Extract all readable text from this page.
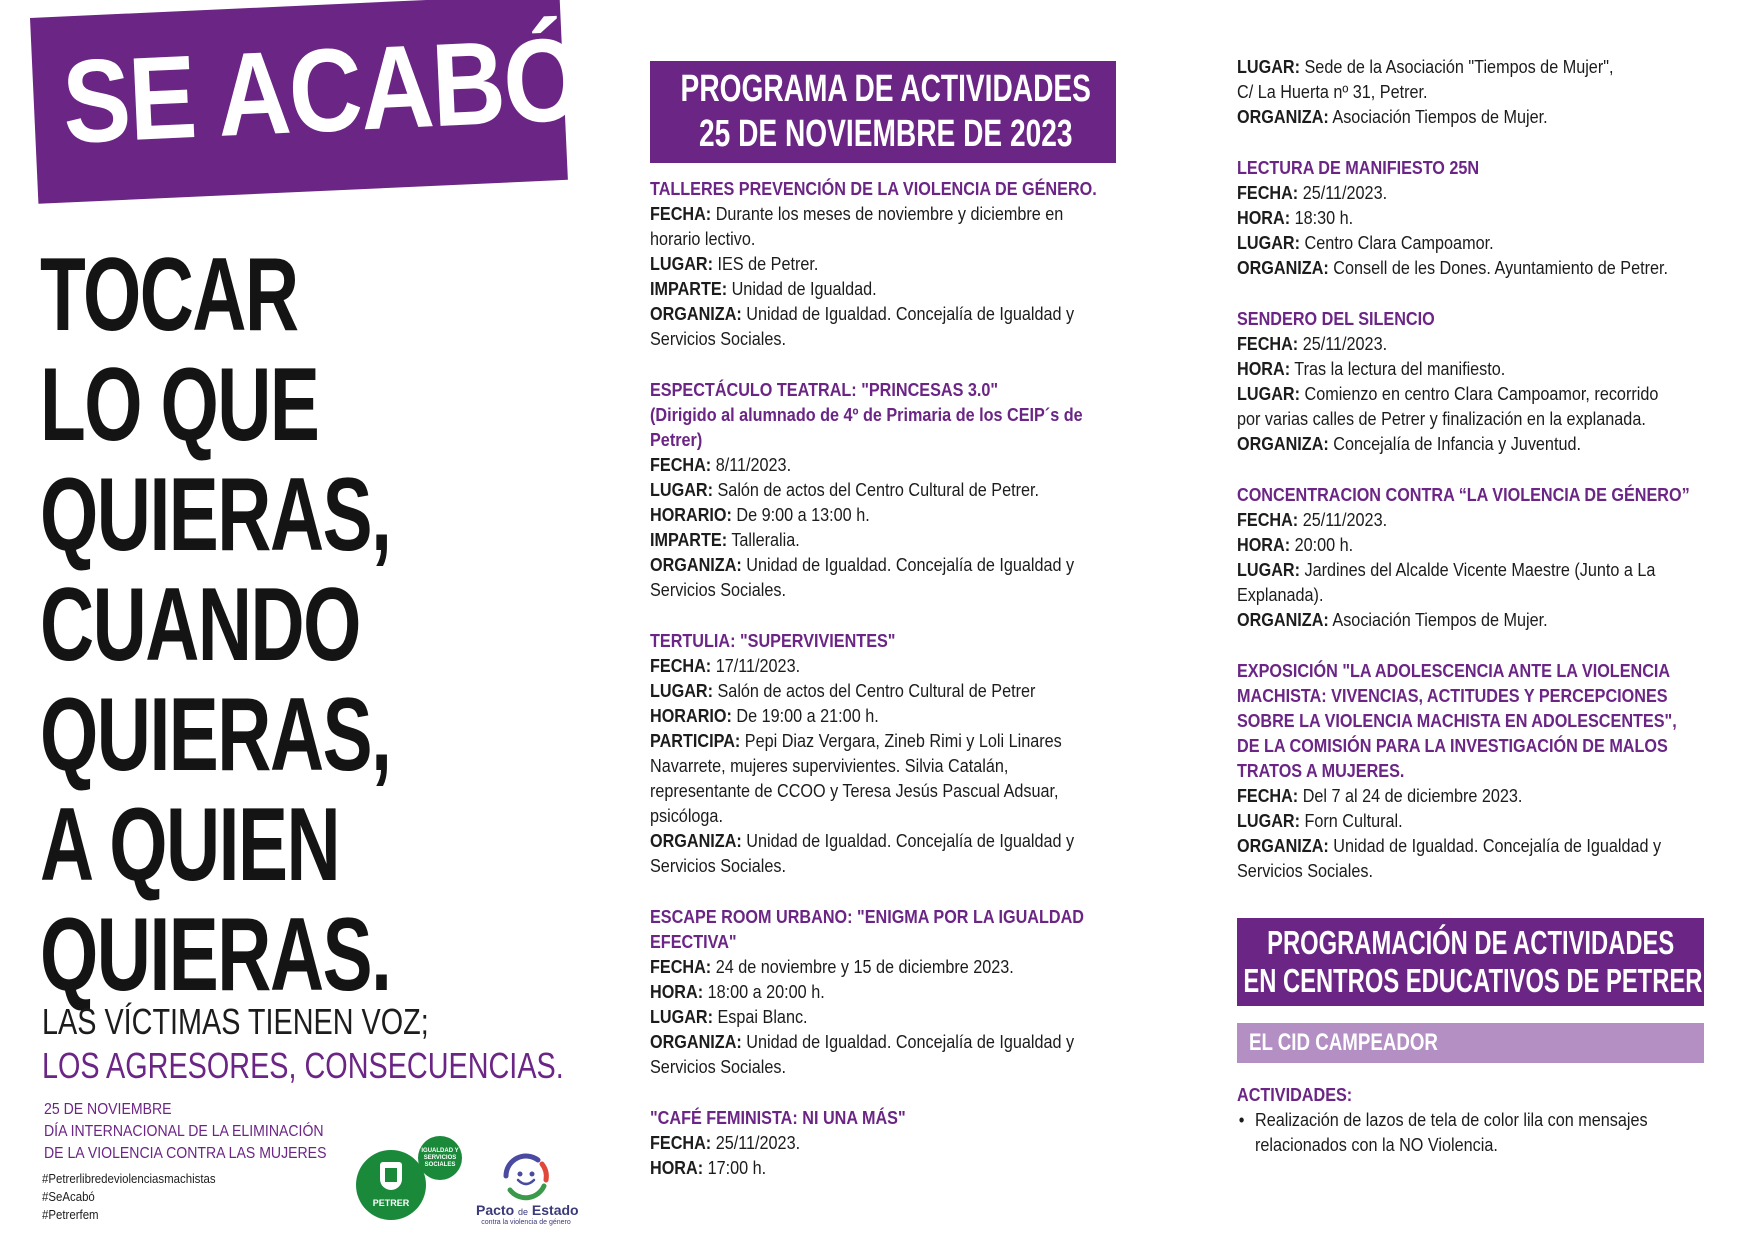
SE ACABÓ
TOCAR
LO QUE
QUIERAS,
CUANDO
QUIERAS,
A QUIEN
QUIERAS.
LAS VÍCTIMAS TIENEN VOZ;
LOS AGRESORES, CONSECUENCIAS.
25 DE NOVIEMBRE
DÍA INTERNACIONAL DE LA ELIMINACIÓN
DE LA VIOLENCIA CONTRA LAS MUJERES
#Petrerlibredeviolenciasmachistas
#SeAcabó
#Petrerfem
PETRER
IGUALDAD Y SERVICIOS SOCIALES
Pacto de Estado
contra la violencia de género
PROGRAMA DE ACTIVIDADES
25 DE NOVIEMBRE DE 2023
TALLERES PREVENCIÓN DE LA VIOLENCIA DE GÉNERO.
FECHA: Durante los meses de noviembre y diciembre en
horario lectivo.
LUGAR: IES de Petrer.
IMPARTE: Unidad de Igualdad.
ORGANIZA: Unidad de Igualdad. Concejalía de Igualdad y
Servicios Sociales.
ESPECTÁCULO TEATRAL: "PRINCESAS 3.0"
(Dirigido al alumnado de 4º de Primaria de los CEIP´s de
Petrer)
FECHA: 8/11/2023.
LUGAR: Salón de actos del Centro Cultural de Petrer.
HORARIO: De 9:00 a 13:00 h.
IMPARTE: Talleralia.
ORGANIZA: Unidad de Igualdad. Concejalía de Igualdad y
Servicios Sociales.
TERTULIA: "SUPERVIVIENTES"
FECHA: 17/11/2023.
LUGAR: Salón de actos del Centro Cultural de Petrer
HORARIO: De 19:00 a 21:00 h.
PARTICIPA: Pepi Diaz Vergara, Zineb Rimi y Loli Linares
Navarrete, mujeres supervivientes. Silvia Catalán,
representante de CCOO y Teresa Jesús Pascual Adsuar,
psicóloga.
ORGANIZA: Unidad de Igualdad. Concejalía de Igualdad y
Servicios Sociales.
ESCAPE ROOM URBANO: "ENIGMA POR LA IGUALDAD
EFECTIVA"
FECHA: 24 de noviembre y 15 de diciembre 2023.
HORA: 18:00 a 20:00 h.
LUGAR: Espai Blanc.
ORGANIZA: Unidad de Igualdad. Concejalía de Igualdad y
Servicios Sociales.
"CAFÉ FEMINISTA: NI UNA MÁS"
FECHA: 25/11/2023.
HORA: 17:00 h.
LUGAR: Sede de la Asociación "Tiempos de Mujer",
C/ La Huerta nº 31, Petrer.
ORGANIZA: Asociación Tiempos de Mujer.
LECTURA DE MANIFIESTO 25N
FECHA: 25/11/2023.
HORA: 18:30 h.
LUGAR: Centro Clara Campoamor.
ORGANIZA: Consell de les Dones. Ayuntamiento de Petrer.
SENDERO DEL SILENCIO
FECHA: 25/11/2023.
HORA: Tras la lectura del manifiesto.
LUGAR: Comienzo en centro Clara Campoamor, recorrido
por varias calles de Petrer y finalización en la explanada.
ORGANIZA: Concejalía de Infancia y Juventud.
CONCENTRACION CONTRA “LA VIOLENCIA DE GÉNERO”
FECHA: 25/11/2023.
HORA: 20:00 h.
LUGAR: Jardines del Alcalde Vicente Maestre (Junto a La
Explanada).
ORGANIZA: Asociación Tiempos de Mujer.
EXPOSICIÓN "LA ADOLESCENCIA ANTE LA VIOLENCIA
MACHISTA: VIVENCIAS, ACTITUDES Y PERCEPCIONES
SOBRE LA VIOLENCIA MACHISTA EN ADOLESCENTES",
DE LA COMISIÓN PARA LA INVESTIGACIÓN DE MALOS
TRATOS A MUJERES.
FECHA: Del 7 al 24 de diciembre 2023.
LUGAR: Forn Cultural.
ORGANIZA: Unidad de Igualdad. Concejalía de Igualdad y
Servicios Sociales.
PROGRAMACIÓN DE ACTIVIDADES
EN CENTROS EDUCATIVOS DE PETRER
EL CID CAMPEADOR
ACTIVIDADES:
• Realización de lazos de tela de color lila con mensajes
relacionados con la NO Violencia.
